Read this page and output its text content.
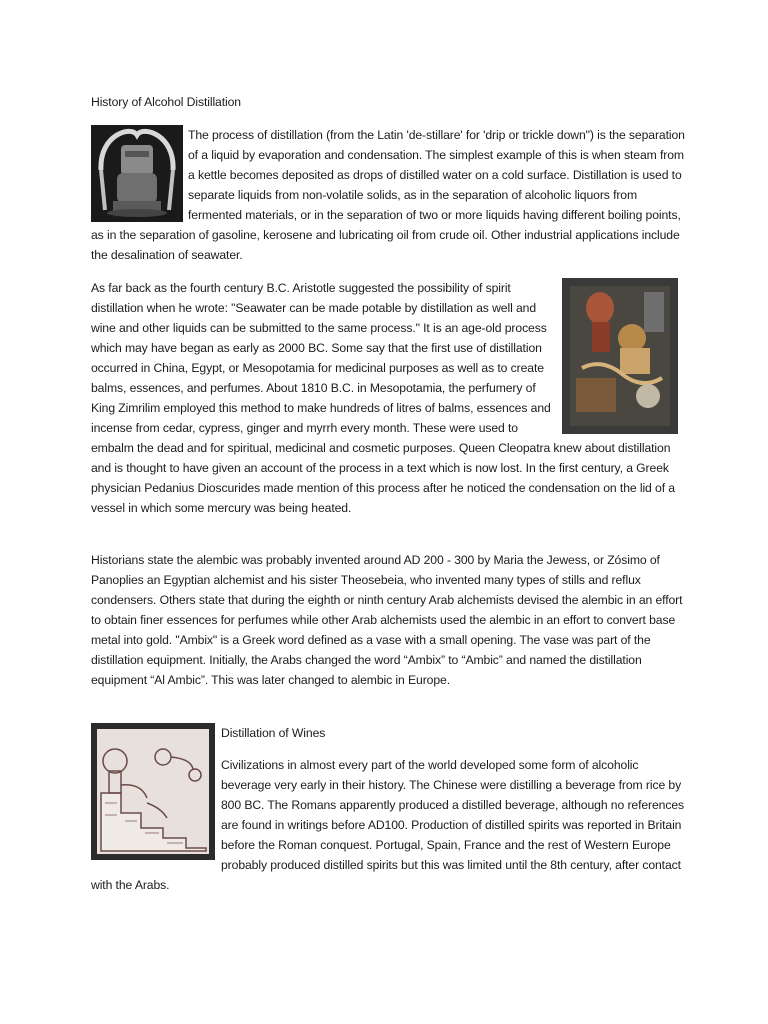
History of Alcohol Distillation

The process of distillation (from the Latin 'de-stillare' for 'drip or trickle down") is the separation of a liquid by evaporation and condensation. The simplest example of this is when steam from a kettle becomes deposited as drops of distilled water on a cold surface. Distillation is used to separate liquids from non-volatile solids, as in the separation of alcoholic liquors from fermented materials, or in the separation of two or more liquids having different boiling points, as in the separation of gasoline, kerosene and lubricating oil from crude oil. Other industrial applications include the desalination of seawater.

As far back as the fourth century B.C. Aristotle suggested the possibility of spirit distillation when he wrote: "Seawater can be made potable by distillation as well and wine and other liquids can be submitted to the same process." It is an age-old process which may have began as early as 2000 BC. Some say that the first use of distillation occurred in China, Egypt, or Mesopotamia for medicinal purposes as well as to create balms, essences, and perfumes. About 1810 B.C. in Mesopotamia, the perfumery of King Zimrilim employed this method to make hundreds of litres of balms, essences and incense from cedar, cypress, ginger and myrrh every month. These were used to embalm the dead and for spiritual, medicinal and cosmetic purposes. Queen Cleopatra knew about distillation and is thought to have given an account of the process in a text which is now lost. In the first century, a Greek physician Pedanius Dioscurides made mention of this process after he noticed the condensation on the lid of a vessel in which some mercury was being heated.

Historians state the alembic was probably invented around AD 200 - 300 by Maria the Jewess, or Zósimo of Panoplies an Egyptian alchemist and his sister Theosebeia, who invented many types of stills and reflux condensers. Others state that during the eighth or ninth century Arab alchemists devised the alembic in an effort to obtain finer essences for perfumes while other Arab alchemists used the alembic in an effort to convert base metal into gold. "Ambix" is a Greek word defined as a vase with a small opening. The vase was part of the distillation equipment. Initially, the Arabs changed the word “Ambix” to “Ambic” and named the distillation equipment “Al Ambic”. This was later changed to alembic in Europe.

Distillation of Wines

Civilizations in almost every part of the world developed some form of alcoholic beverage very early in their history. The Chinese were distilling a beverage from rice by 800 BC. The Romans apparently produced a distilled beverage, although no references are found in writings before AD100. Production of distilled spirits was reported in Britain before the Roman conquest. Portugal, Spain, France and the rest of Western Europe probably produced distilled spirits but this was limited until the 8th century, after contact with the Arabs.
